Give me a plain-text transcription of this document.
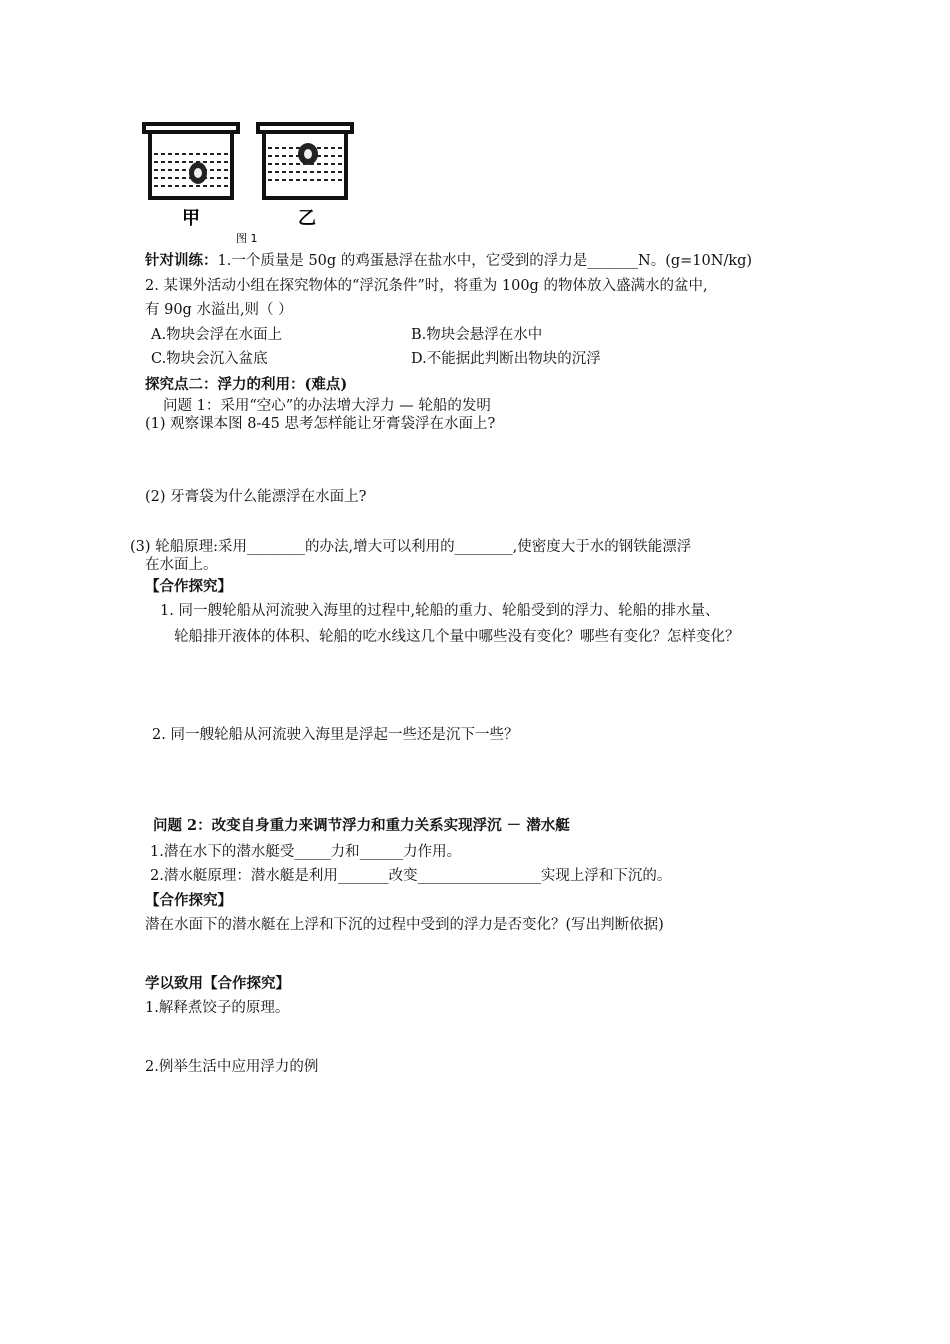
甲	乙
图 1
针对训练：1.一个质量是 50g 的鸡蛋悬浮在盐水中，它受到的浮力是_______N。(g=10N/kg)
2. 某课外活动小组在探究物体的“浮沉条件”时，将重为 100g 的物体放入盛满水的盆中,
有 90g 水溢出,则（ ）
A.物块会浮在水面上	B.物块会悬浮在水中
C.物块会沉入盆底	D.不能据此判断出物块的沉浮
探究点二：浮力的利用：(难点)
问题 1：采用“空心”的办法增大浮力 — 轮船的发明
(1) 观察课本图 8-45 思考怎样能让牙膏袋浮在水面上?
(2) 牙膏袋为什么能漂浮在水面上?
(3) 轮船原理:采用________的办法,增大可以利用的________,使密度大于水的钢铁能漂浮
在水面上。
【合作探究】
1. 同一艘轮船从河流驶入海里的过程中,轮船的重力、轮船受到的浮力、轮船的排水量、
轮船排开液体的体积、轮船的吃水线这几个量中哪些没有变化？哪些有变化？怎样变化？
2. 同一艘轮船从河流驶入海里是浮起一些还是沉下一些？
问题 2：改变自身重力来调节浮力和重力关系实现浮沉 － 潜水艇
1.潜在水下的潜水艇受_____力和______力作用。
2.潜水艇原理：潜水艇是利用_______改变_________________实现上浮和下沉的。
【合作探究】
潜在水面下的潜水艇在上浮和下沉的过程中受到的浮力是否变化？(写出判断依据)
学以致用【合作探究】
1.解释煮饺子的原理。
2.例举生活中应用浮力的例
